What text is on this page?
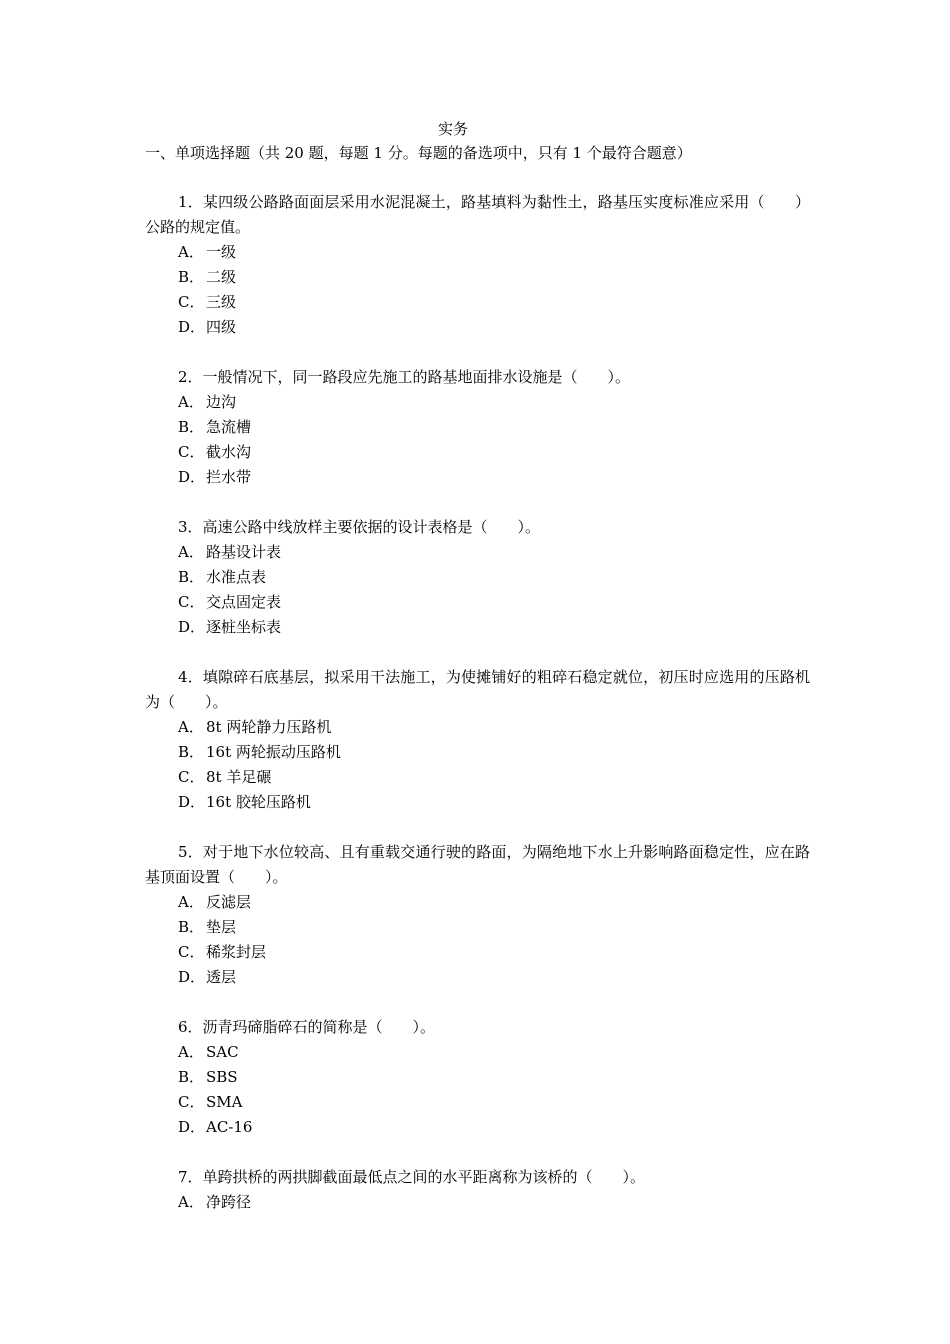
实务
一、单项选择题（共 20 题，每题 1 分。每题的备选项中，只有 1 个最符合题意）

1．某四级公路路面面层采用水泥混凝土，路基填料为黏性土，路基压实度标准应采用（　　）公路的规定值。

A． 一级
B． 二级
C． 三级
D．四级

2．一般情况下，同一路段应先施工的路基地面排水设施是（　　）。

A． 边沟
B． 急流槽
C． 截水沟
D．拦水带

3．高速公路中线放样主要依据的设计表格是（　　）。

A． 路基设计表
B． 水准点表
C． 交点固定表
D．逐桩坐标表

4．填隙碎石底基层，拟采用干法施工，为使摊铺好的粗碎石稳定就位，初压时应选用的压路机为（　　）。

A． 8t 两轮静力压路机
B． 16t 两轮振动压路机
C． 8t 羊足碾
D．16t 胶轮压路机

5．对于地下水位较高、且有重载交通行驶的路面，为隔绝地下水上升影响路面稳定性，应在路基顶面设置（　　）。

A． 反滤层
B． 垫层
C． 稀浆封层
D．透层

6．沥青玛碲脂碎石的简称是（　　）。

A． SAC
B． SBS
C． SMA
D．AC-16

7．单跨拱桥的两拱脚截面最低点之间的水平距离称为该桥的（　　）。

A． 净跨径
